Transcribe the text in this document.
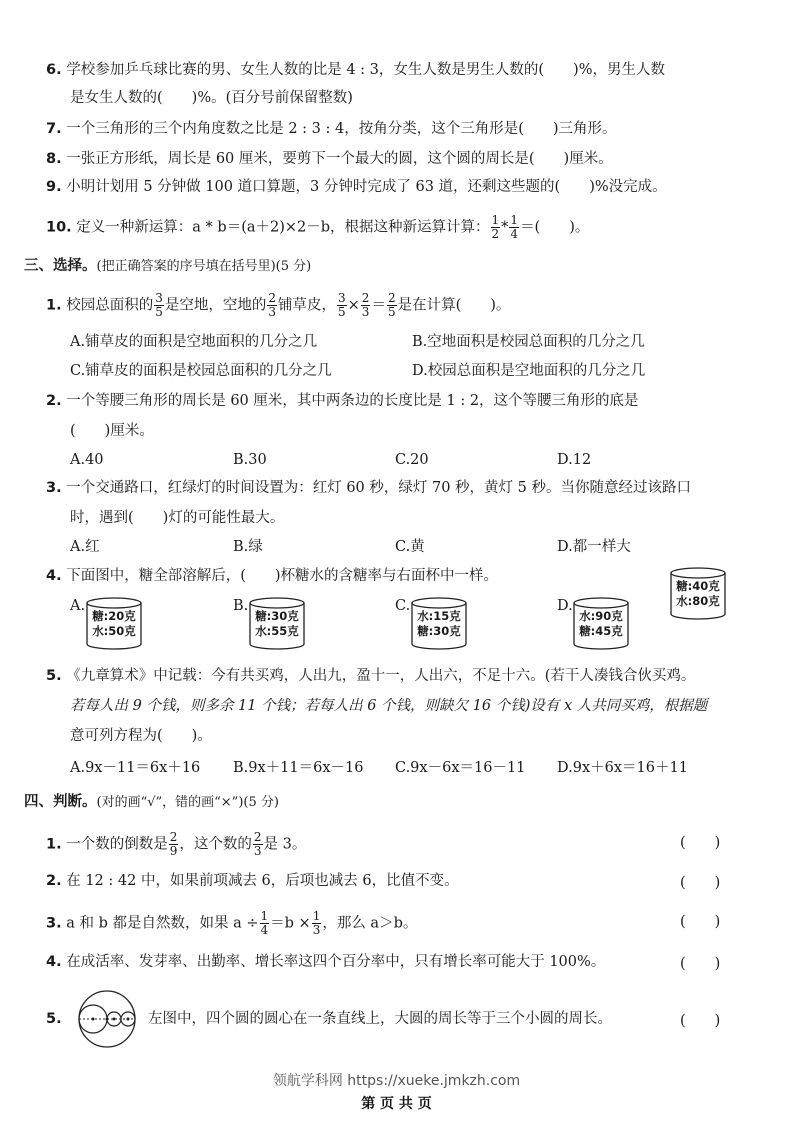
6. 学校参加乒乓球比赛的男、女生人数的比是 4 : 3，女生人数是男生人数的(　　)%，男生人数
是女生人数的(　　)%。(百分号前保留整数)
7. 一个三角形的三个内角度数之比是 2 : 3 : 4，按角分类，这个三角形是(　　)三角形。
8. 一张正方形纸，周长是 60 厘米，要剪下一个最大的圆，这个圆的周长是(　　)厘米。
9. 小明计划用 5 分钟做 100 道口算题，3 分钟时完成了 63 道，还剩这些题的(　　)%没完成。
10. 定义一种新运算：a * b＝(a＋2)×2－b，根据这种新运算计算： $\frac{1}{2} * \frac{1}{4}$ ＝(　　)。
三、选择。(把正确答案的序号填在括号里)(5 分)
1. 校园总面积的 $\frac{3}{5}$ 是空地，空地的 $\frac{2}{3}$ 铺草皮， $\frac{3}{5} \times \frac{2}{3} = \frac{2}{5}$ 是在计算(　　)。
A.铺草皮的面积是空地面积的几分之几	B.空地面积是校园总面积的几分之几
C.铺草皮的面积是校园总面积的几分之几	D.校园总面积是空地面积的几分之几
2. 一个等腰三角形的周长是 60 厘米，其中两条边的长度比是 1 : 2，这个等腰三角形的底是
(　　)厘米。
A.40	B.30	C.20	D.12
3. 一个交通路口，红绿灯的时间设置为：红灯 60 秒，绿灯 70 秒，黄灯 5 秒。当你随意经过该路口
时，遇到(　　)灯的可能性最大。
A.红	B.绿	C.黄	D.都一样大
4. 下面图中，糖全部溶解后，(　　)杯糖水的含糖率与右面杯中一样。
A.
糖:20克
水:50克
B.
糖:30克
水:55克
C.
水:15克
糖:30克
D.
水:90克
糖:45克
糖:40克
水:80克
5. 《九章算术》中记载：今有共买鸡，人出九，盈十一，人出六，不足十六。(若干人凑钱合伙买鸡。
若每人出 9 个钱，则多余 11 个钱；若每人出 6 个钱，则缺欠 16 个钱)设有 x 人共同买鸡，根据题
意可列方程为(　　)。
A.9x－11＝6x＋16 B.9x＋11＝6x－16 C.9x－6x＝16－11 D.9x＋6x＝16＋11
四、判断。(对的画“√”，错的画“×”)(5 分)
1. 一个数的倒数是 $\frac{2}{9}$ ，这个数的 $\frac{2}{3}$ 是 3。	(　　)
2. 在 12 : 42 中，如果前项减去 6，后项也减去 6，比值不变。	(　　)
3. a 和 b 都是自然数，如果 $a \div \frac{1}{4} =b \times \frac{1}{3}$ ，那么 a＞b。	(　　)
4. 在成活率、发芽率、出勤率、增长率这四个百分率中，只有增长率可能大于 100%。	(　　)
5.	左图中，四个圆的圆心在一条直线上，大圆的周长等于三个小圆的周长。	(　　)
领航学科网 https://xueke.jmkzh.com
第 页 共 页
